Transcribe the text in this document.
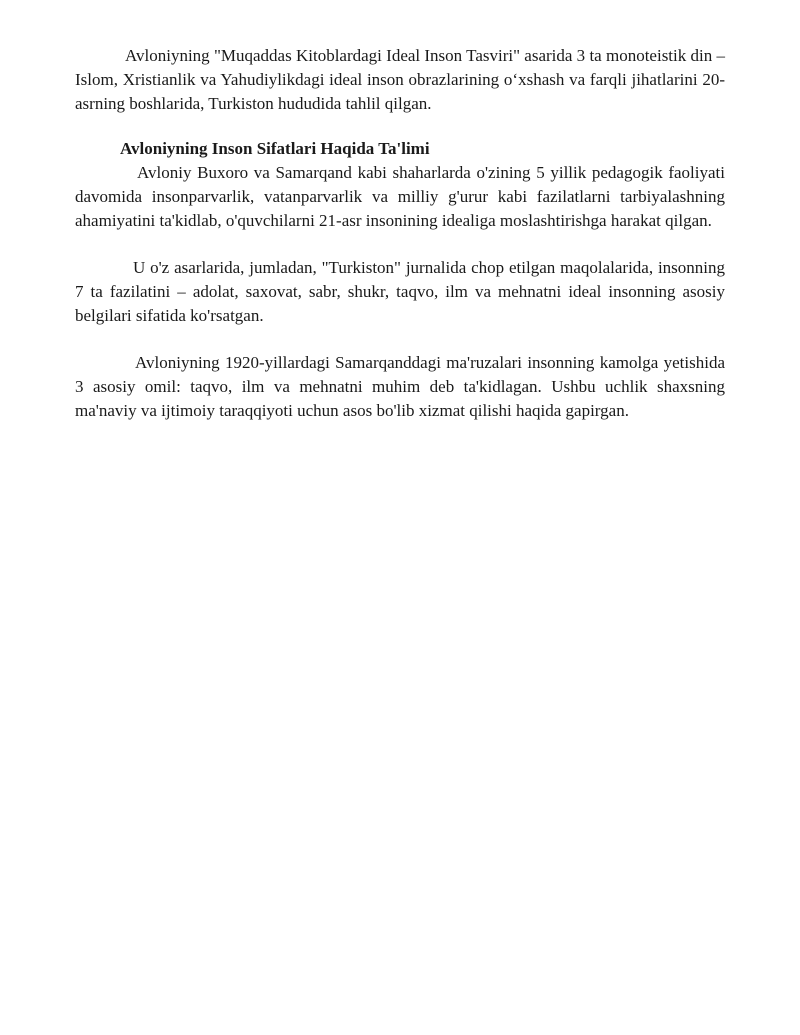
Avloniyning "Muqaddas Kitoblardagi Ideal Inson Tasviri" asarida 3 ta monoteistik din – Islom, Xristianlik va Yahudiylikdagi ideal inson obrazlarining o‘xshash va farqli jihatlarini 20-asrning boshlarida, Turkiston hududida tahlil qilgan.

Avloniyning Inson Sifatlari Haqida Ta'limi

Avloniy Buxoro va Samarqand kabi shaharlarda o'zining 5 yillik pedagogik faoliyati davomida insonparvarlik, vatanparvarlik va milliy g'urur kabi fazilatlarni tarbiyalashning ahamiyatini ta'kidlab, o'quvchilarni 21-asr insonining idealiga moslashtirishga harakat qilgan.

U o'z asarlarida, jumladan, "Turkiston" jurnalida chop etilgan maqolalarida, insonning 7 ta fazilatini – adolat, saxovat, sabr, shukr, taqvo, ilm va mehnatni ideal insonning asosiy belgilari sifatida ko'rsatgan.

Avloniyning 1920-yillardagi Samarqanddagi ma'ruzalari insonning kamolga yetishida 3 asosiy omil: taqvo, ilm va mehnatni muhim deb ta'kidlagan. Ushbu uchlik shaxsning ma'naviy va ijtimoiy taraqqiyoti uchun asos bo'lib xizmat qilishi haqida gapirgan.
